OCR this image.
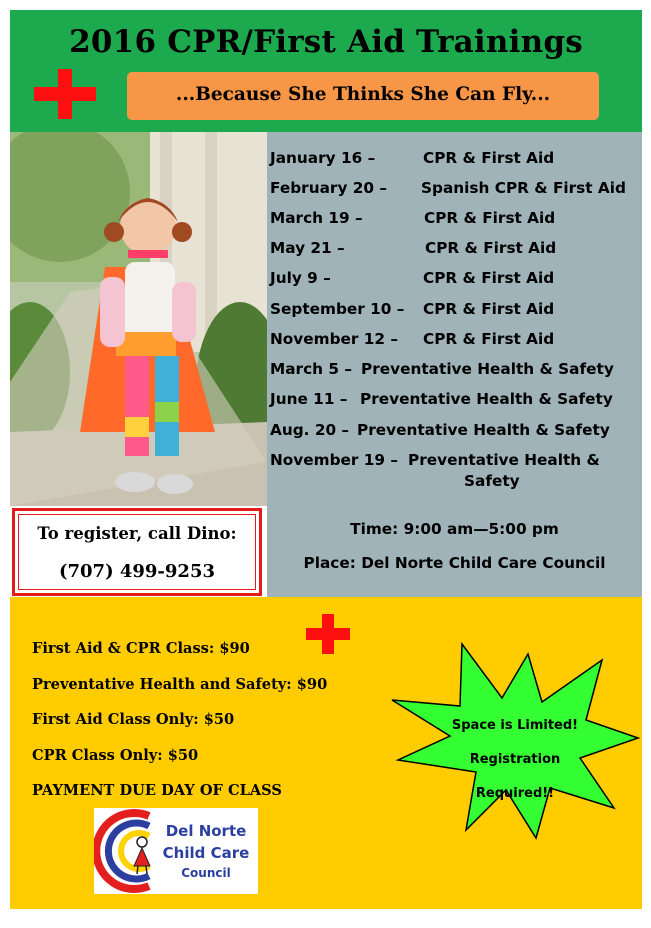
2016 CPR/First Aid Trainings
...Because She Thinks She Can Fly...
January 16 –	CPR & First Aid
February 20 – Spanish CPR & First Aid
March 19 –	CPR & First Aid
May 21 –	CPR & First Aid
July 9 –	CPR & First Aid
September 10 – CPR & First Aid
November 12 – CPR & First Aid
March 5 – Preventative Health & Safety
June 11 – Preventative Health & Safety
Aug. 20 – Preventative Health & Safety
November 19 – Preventative Health &
Safety
Time: 9:00 am—5:00 pm
Place: Del Norte Child Care Council
To register, call Dino:
(707) 499-9253
First Aid & CPR Class: $90
Preventative Health and Safety: $90
First Aid Class Only: $50
CPR Class Only: $50
PAYMENT DUE DAY OF CLASS
Space is Limited!
Registration
Required!!
Del Norte
Child Care
Council
